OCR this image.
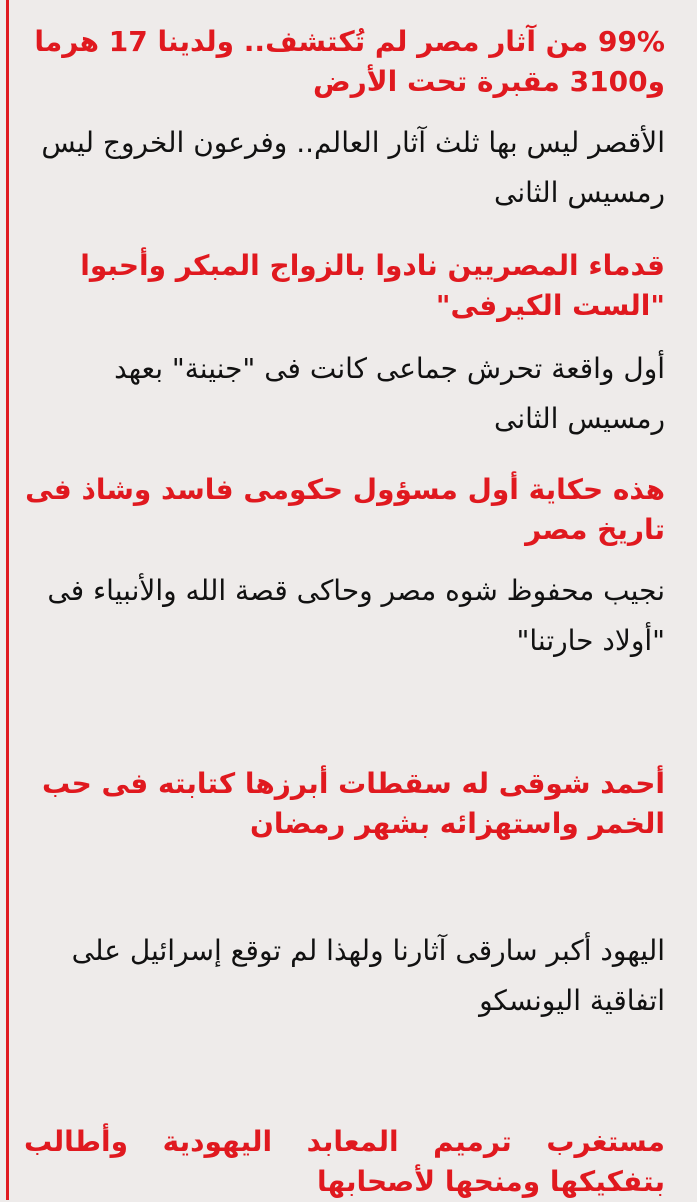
99% من آثار مصر لم تُكتشف.. ولدينا 17 هرما و3100 مقبرة تحت الأرض

الأقصر ليس بها ثلث آثار العالم.. وفرعون الخروج ليس رمسيس الثانى

قدماء المصريين نادوا بالزواج المبكر وأحبوا "الست الكيرفى"

أول واقعة تحرش جماعى كانت فى "جنينة" بعهد رمسيس الثانى

هذه حكاية أول مسؤول حكومى فاسد وشاذ فى تاريخ مصر

نجيب محفوظ شوه مصر وحاكى قصة الله والأنبياء فى "أولاد حارتنا"

أحمد شوقى له سقطات أبرزها كتابته فى حب الخمر واستهزائه بشهر رمضان

اليهود أكبر سارقى آثارنا ولهذا لم توقع إسرائيل على اتفاقية اليونسكو

مستغرب ترميم المعابد اليهودية وأطالب بتفكيكها ومنحها لأصحابها
